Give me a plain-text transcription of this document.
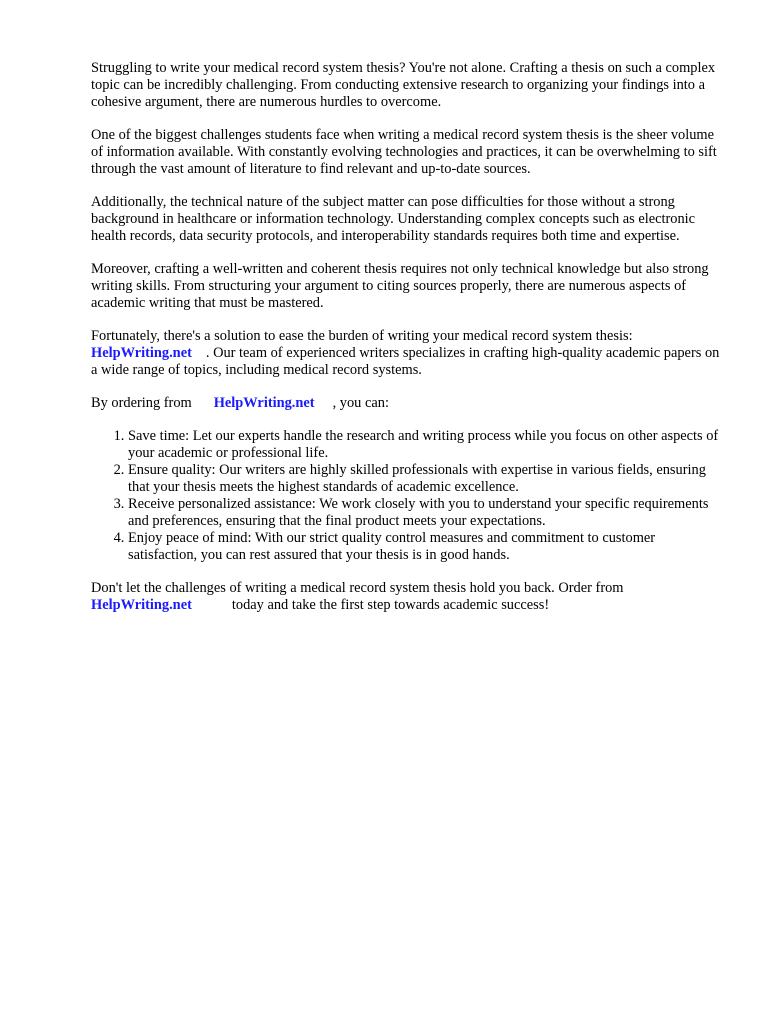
Struggling to write your medical record system thesis? You're not alone. Crafting a thesis on such a complex topic can be incredibly challenging. From conducting extensive research to organizing your findings into a cohesive argument, there are numerous hurdles to overcome.

One of the biggest challenges students face when writing a medical record system thesis is the sheer volume of information available. With constantly evolving technologies and practices, it can be overwhelming to sift through the vast amount of literature to find relevant and up-to-date sources.

Additionally, the technical nature of the subject matter can pose difficulties for those without a strong background in healthcare or information technology. Understanding complex concepts such as electronic health records, data security protocols, and interoperability standards requires both time and expertise.

Moreover, crafting a well-written and coherent thesis requires not only technical knowledge but also strong writing skills. From structuring your argument to citing sources properly, there are numerous aspects of academic writing that must be mastered.

Fortunately, there's a solution to ease the burden of writing your medical record system thesis: HelpWriting.net . Our team of experienced writers specializes in crafting high-quality academic papers on a wide range of topics, including medical record systems.

By ordering from HelpWriting.net , you can:

1. Save time: Let our experts handle the research and writing process while you focus on other aspects of your academic or professional life.
2. Ensure quality: Our writers are highly skilled professionals with expertise in various fields, ensuring that your thesis meets the highest standards of academic excellence.
3. Receive personalized assistance: We work closely with you to understand your specific requirements and preferences, ensuring that the final product meets your expectations.
4. Enjoy peace of mind: With our strict quality control measures and commitment to customer satisfaction, you can rest assured that your thesis is in good hands.

Don't let the challenges of writing a medical record system thesis hold you back. Order from HelpWriting.net	today and take the first step towards academic success!
